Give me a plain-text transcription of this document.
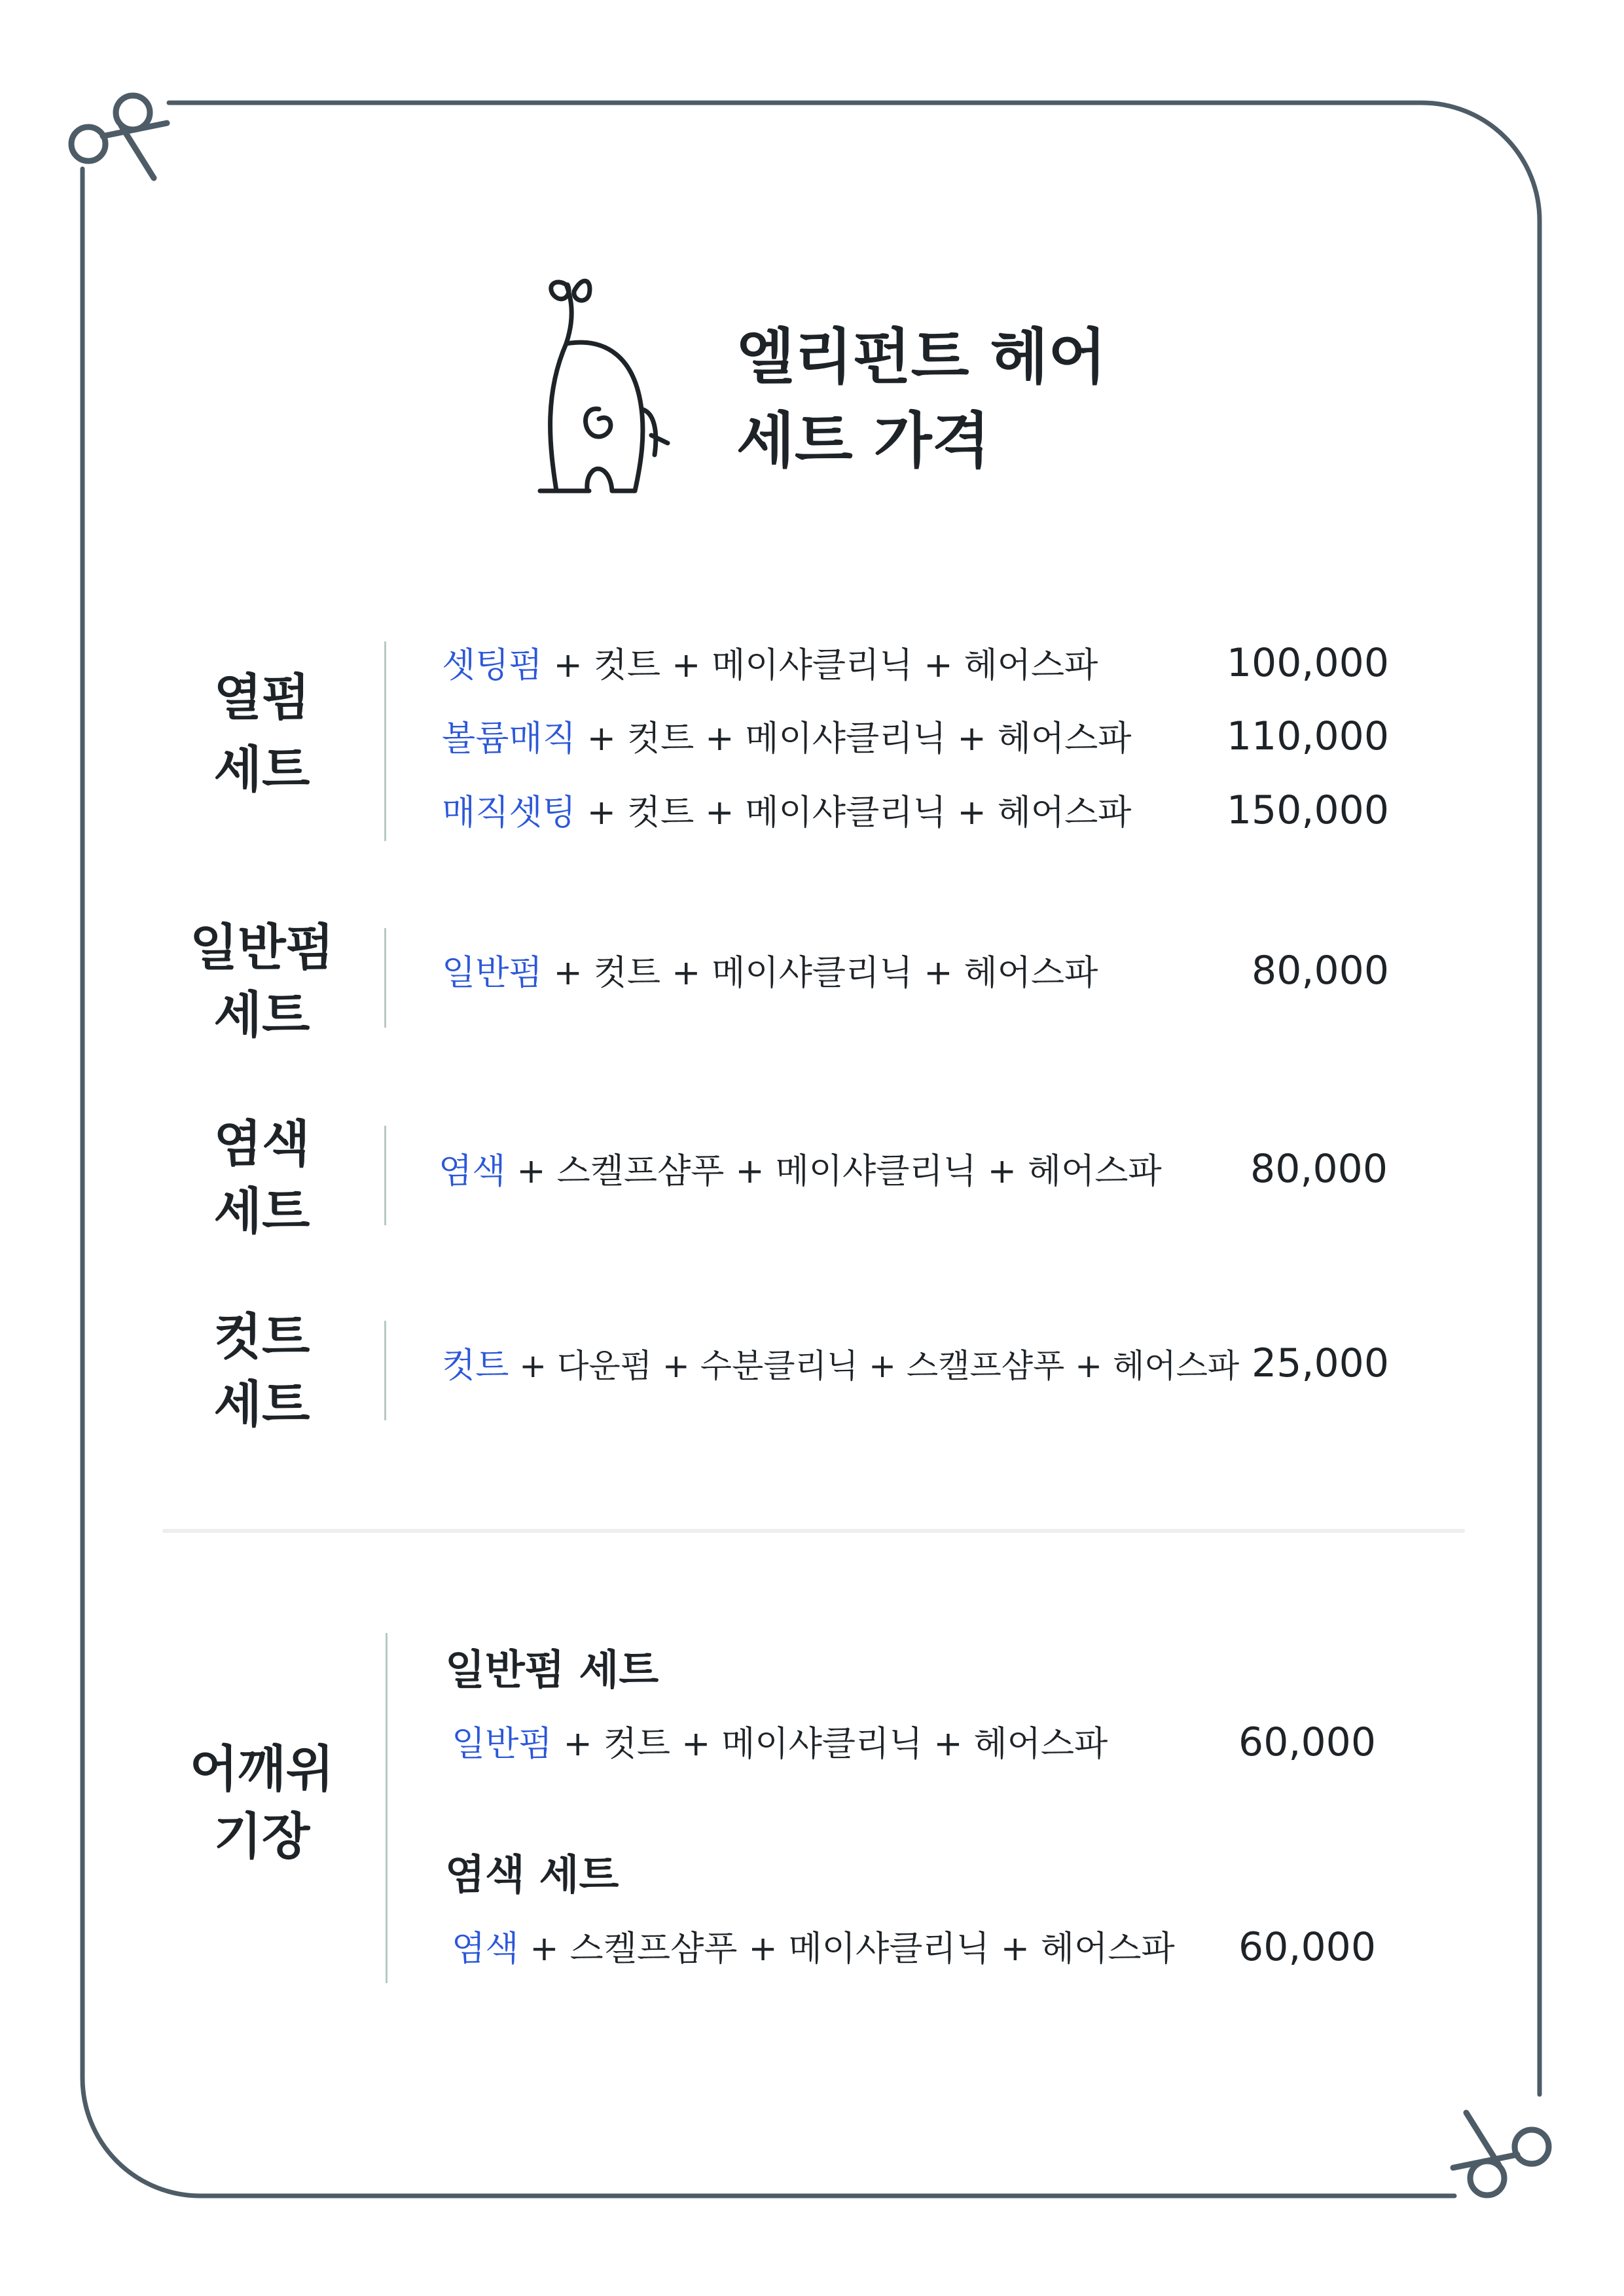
엘리펀트 헤어
세트 가격
열펌
세트
셋팅펌 + 컷트 + 메이샤클리닉 + 헤어스파	100,000
볼륨매직 + 컷트 + 메이샤클리닉 + 헤어스파	110,000
매직셋팅 + 컷트 + 메이샤클리닉 + 헤어스파	150,000
일반펌
세트
일반펌 + 컷트 + 메이샤클리닉 + 헤어스파	80,000
염색
세트
염색 + 스켈프샴푸 + 메이샤클리닉 + 헤어스파	80,000
컷트
세트
컷트 + 다운펌 + 수분클리닉 + 스캘프샴푸 + 헤어스파 25,000
어깨위
기장
일반펌 세트
일반펌 + 컷트 + 메이샤클리닉 + 헤어스파	60,000
염색 세트
염색 + 스켈프샴푸 + 메이샤클리닉 + 헤어스파	60,000
